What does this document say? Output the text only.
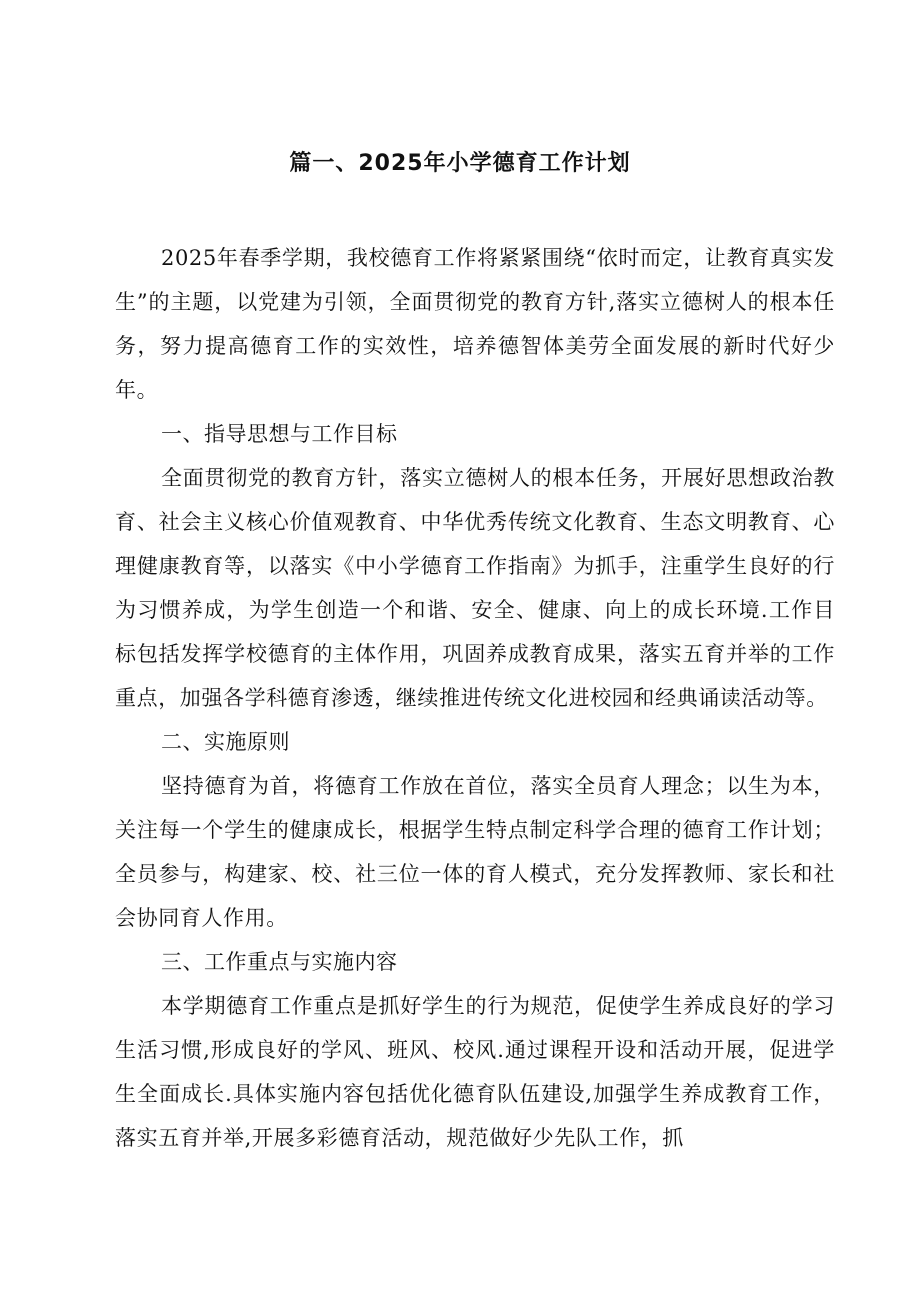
篇一、2025年小学德育工作计划

2025年春季学期，我校德育工作将紧紧围绕“依时而定，让教育真实发生”的主题，以党建为引领，全面贯彻党的教育方针,落实立德树人的根本任务，努力提高德育工作的实效性，培养德智体美劳全面发展的新时代好少年。

一、指导思想与工作目标

全面贯彻党的教育方针，落实立德树人的根本任务，开展好思想政治教育、社会主义核心价值观教育、中华优秀传统文化教育、生态文明教育、心理健康教育等，以落实《中小学德育工作指南》为抓手，注重学生良好的行为习惯养成，为学生创造一个和谐、安全、健康、向上的成长环境.工作目标包括发挥学校德育的主体作用，巩固养成教育成果，落实五育并举的工作重点，加强各学科德育渗透，继续推进传统文化进校园和经典诵读活动等。

二、实施原则

坚持德育为首，将德育工作放在首位，落实全员育人理念；以生为本，关注每一个学生的健康成长，根据学生特点制定科学合理的德育工作计划；全员参与，构建家、校、社三位一体的育人模式，充分发挥教师、家长和社会协同育人作用。

三、工作重点与实施内容

本学期德育工作重点是抓好学生的行为规范，促使学生养成良好的学习生活习惯,形成良好的学风、班风、校风.通过课程开设和活动开展，促进学生全面成长.具体实施内容包括优化德育队伍建设,加强学生养成教育工作，落实五育并举,开展多彩德育活动，规范做好少先队工作，抓
